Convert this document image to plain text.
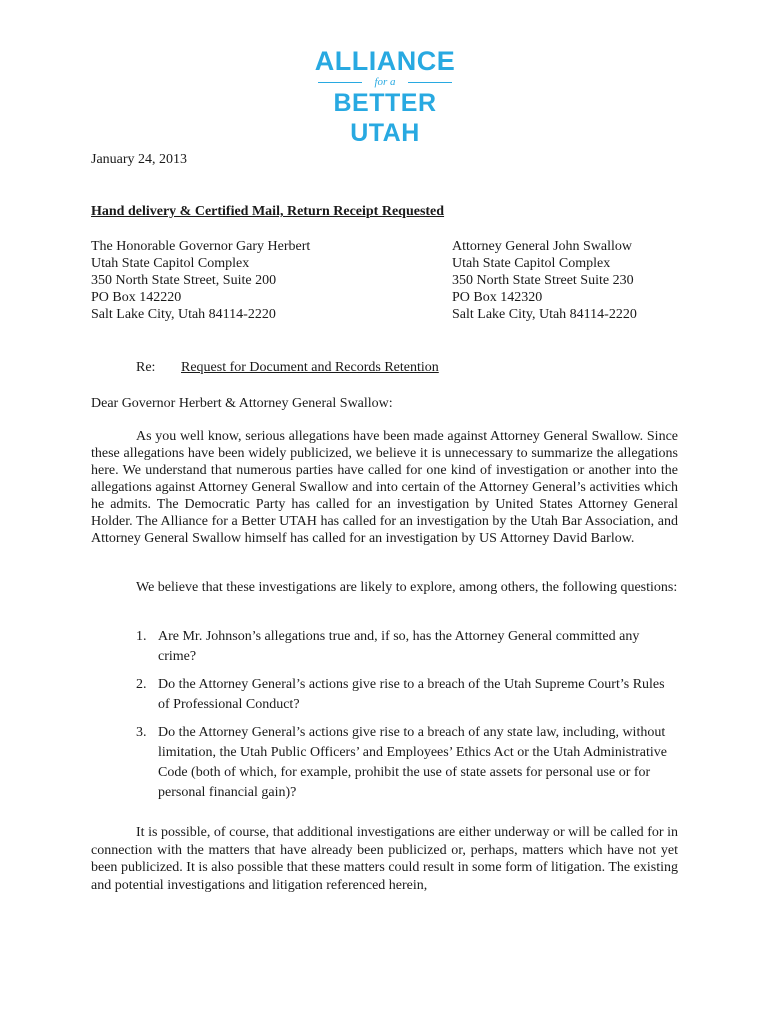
ALLIANCE
for a
BETTER UTAH
January 24, 2013
Hand delivery & Certified Mail, Return Receipt Requested
The Honorable Governor Gary Herbert
Utah State Capitol Complex
350 North State Street, Suite 200
PO Box 142220
Salt Lake City, Utah 84114-2220
Attorney General John Swallow
Utah State Capitol Complex
350 North State Street Suite 230
PO Box 142320
Salt Lake City, Utah 84114-2220
Re: Request for Document and Records Retention
Dear Governor Herbert & Attorney General Swallow:
As you well know, serious allegations have been made against Attorney General Swallow. Since these allegations have been widely publicized, we believe it is unnecessary to summarize the allegations here. We understand that numerous parties have called for one kind of investigation or another into the allegations against Attorney General Swallow and into certain of the Attorney General’s activities which he admits. The Democratic Party has called for an investigation by United States Attorney General Holder. The Alliance for a Better UTAH has called for an investigation by the Utah Bar Association, and Attorney General Swallow himself has called for an investigation by US Attorney David Barlow.
We believe that these investigations are likely to explore, among others, the following questions:
1. Are Mr. Johnson’s allegations true and, if so, has the Attorney General committed any crime?
2. Do the Attorney General’s actions give rise to a breach of the Utah Supreme Court’s Rules of Professional Conduct?
3. Do the Attorney General’s actions give rise to a breach of any state law, including, without limitation, the Utah Public Officers’ and Employees’ Ethics Act or the Utah Administrative Code (both of which, for example, prohibit the use of state assets for personal use or for personal financial gain)?
It is possible, of course, that additional investigations are either underway or will be called for in connection with the matters that have already been publicized or, perhaps, matters which have not yet been publicized. It is also possible that these matters could result in some form of litigation. The existing and potential investigations and litigation referenced herein,
